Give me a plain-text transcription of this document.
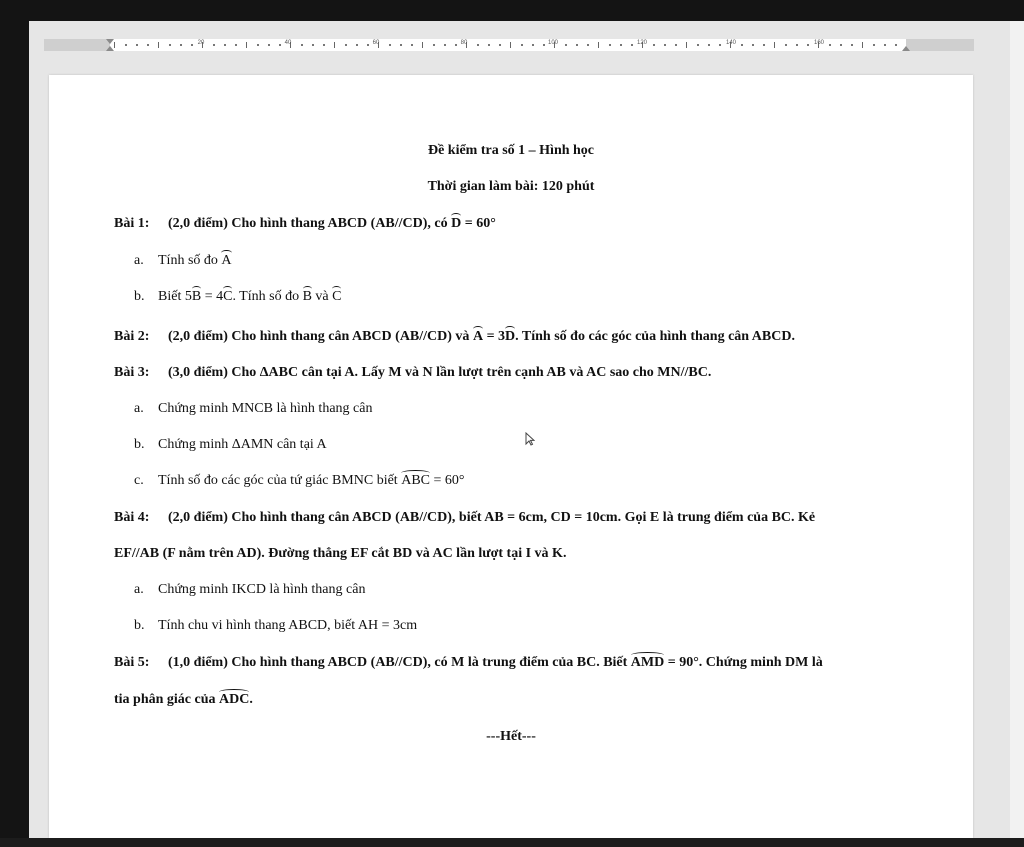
20	40	60	80	100	120	140	160
Đề kiểm tra số 1 – Hình học
Thời gian làm bài: 120 phút
Bài 1: (2,0 điểm) Cho hình thang ABCD (AB//CD), có D = 60°
a. Tính số đo A
b. Biết 5B = 4C. Tính số đo B và C
Bài 2: (2,0 điểm) Cho hình thang cân ABCD (AB//CD) và A = 3D. Tính số đo các góc của hình thang cân ABCD.
Bài 3: (3,0 điểm) Cho ΔABC cân tại A. Lấy M và N lần lượt trên cạnh AB và AC sao cho MN//BC.
a. Chứng minh MNCB là hình thang cân
b. Chứng minh ΔAMN cân tại A
c. Tính số đo các góc của tứ giác BMNC biết ABC = 60°
Bài 4: (2,0 điểm) Cho hình thang cân ABCD (AB//CD), biết AB = 6cm, CD = 10cm. Gọi E là trung điểm của BC. Kẻ
EF//AB (F nằm trên AD). Đường thẳng EF cắt BD và AC lần lượt tại I và K.
a. Chứng minh IKCD là hình thang cân
b. Tính chu vi hình thang ABCD, biết AH = 3cm
Bài 5: (1,0 điểm) Cho hình thang ABCD (AB//CD), có M là trung điểm của BC. Biết AMD = 90°. Chứng minh DM là
tia phân giác của ADC.
---Hết---
